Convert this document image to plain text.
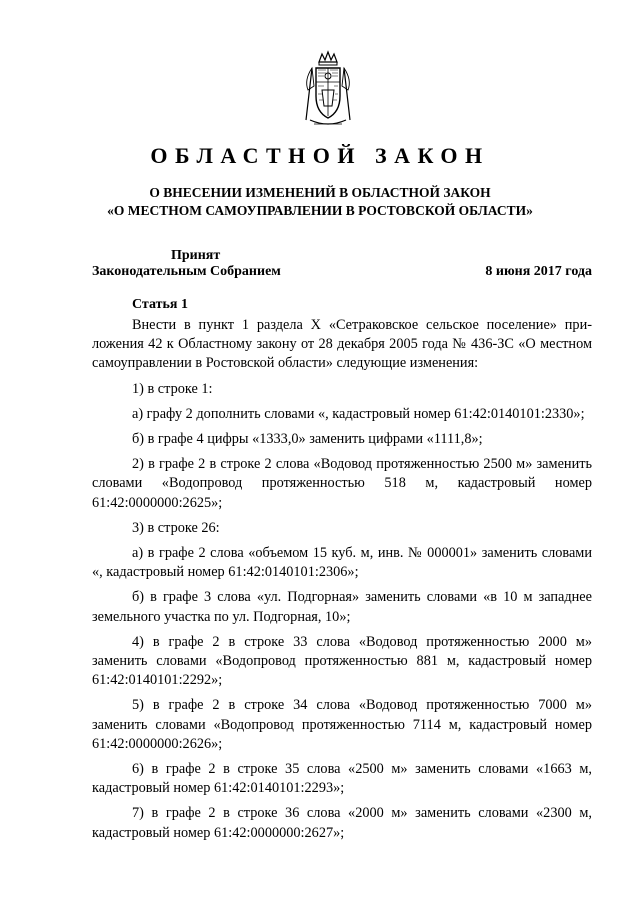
ОБЛАСТНОЙ ЗАКОН
О ВНЕСЕНИИ ИЗМЕНЕНИЙ В ОБЛАСТНОЙ ЗАКОН
«О МЕСТНОМ САМОУПРАВЛЕНИИ В РОСТОВСКОЙ ОБЛАСТИ»
Принят
Законодательным Собранием	8 июня 2017 года
Статья 1

Внести в пункт 1 раздела X «Сетраковское сельское поселение» приложения 42 к Областному закону от 28 декабря 2005 года № 436-ЗС «О местном самоуправлении в Ростовской области» следующие изменения:

1) в строке 1:

а) графу 2 дополнить словами «, кадастровый номер 61:42:0140101:2330»;

б) в графе 4 цифры «1333,0» заменить цифрами «1111,8»;

2) в графе 2 в строке 2 слова «Водовод протяженностью 2500 м» заменить словами «Водопровод протяженностью 518 м, кадастровый номер 61:42:0000000:2625»;

3) в строке 26:

а) в графе 2 слова «объемом 15 куб. м, инв. № 000001» заменить словами «, кадастровый номер 61:42:0140101:2306»;

б) в графе 3 слова «ул. Подгорная» заменить словами «в 10 м западнее земельного участка по ул. Подгорная, 10»;

4) в графе 2 в строке 33 слова «Водовод протяженностью 2000 м» заменить словами «Водопровод протяженностью 881 м, кадастровый номер 61:42:0140101:2292»;

5) в графе 2 в строке 34 слова «Водовод протяженностью 7000 м» заменить словами «Водопровод протяженностью 7114 м, кадастровый номер 61:42:0000000:2626»;

6) в графе 2 в строке 35 слова «2500 м» заменить словами «1663 м, кадастровый номер 61:42:0140101:2293»;

7) в графе 2 в строке 36 слова «2000 м» заменить словами «2300 м, кадастровый номер 61:42:0000000:2627»;
